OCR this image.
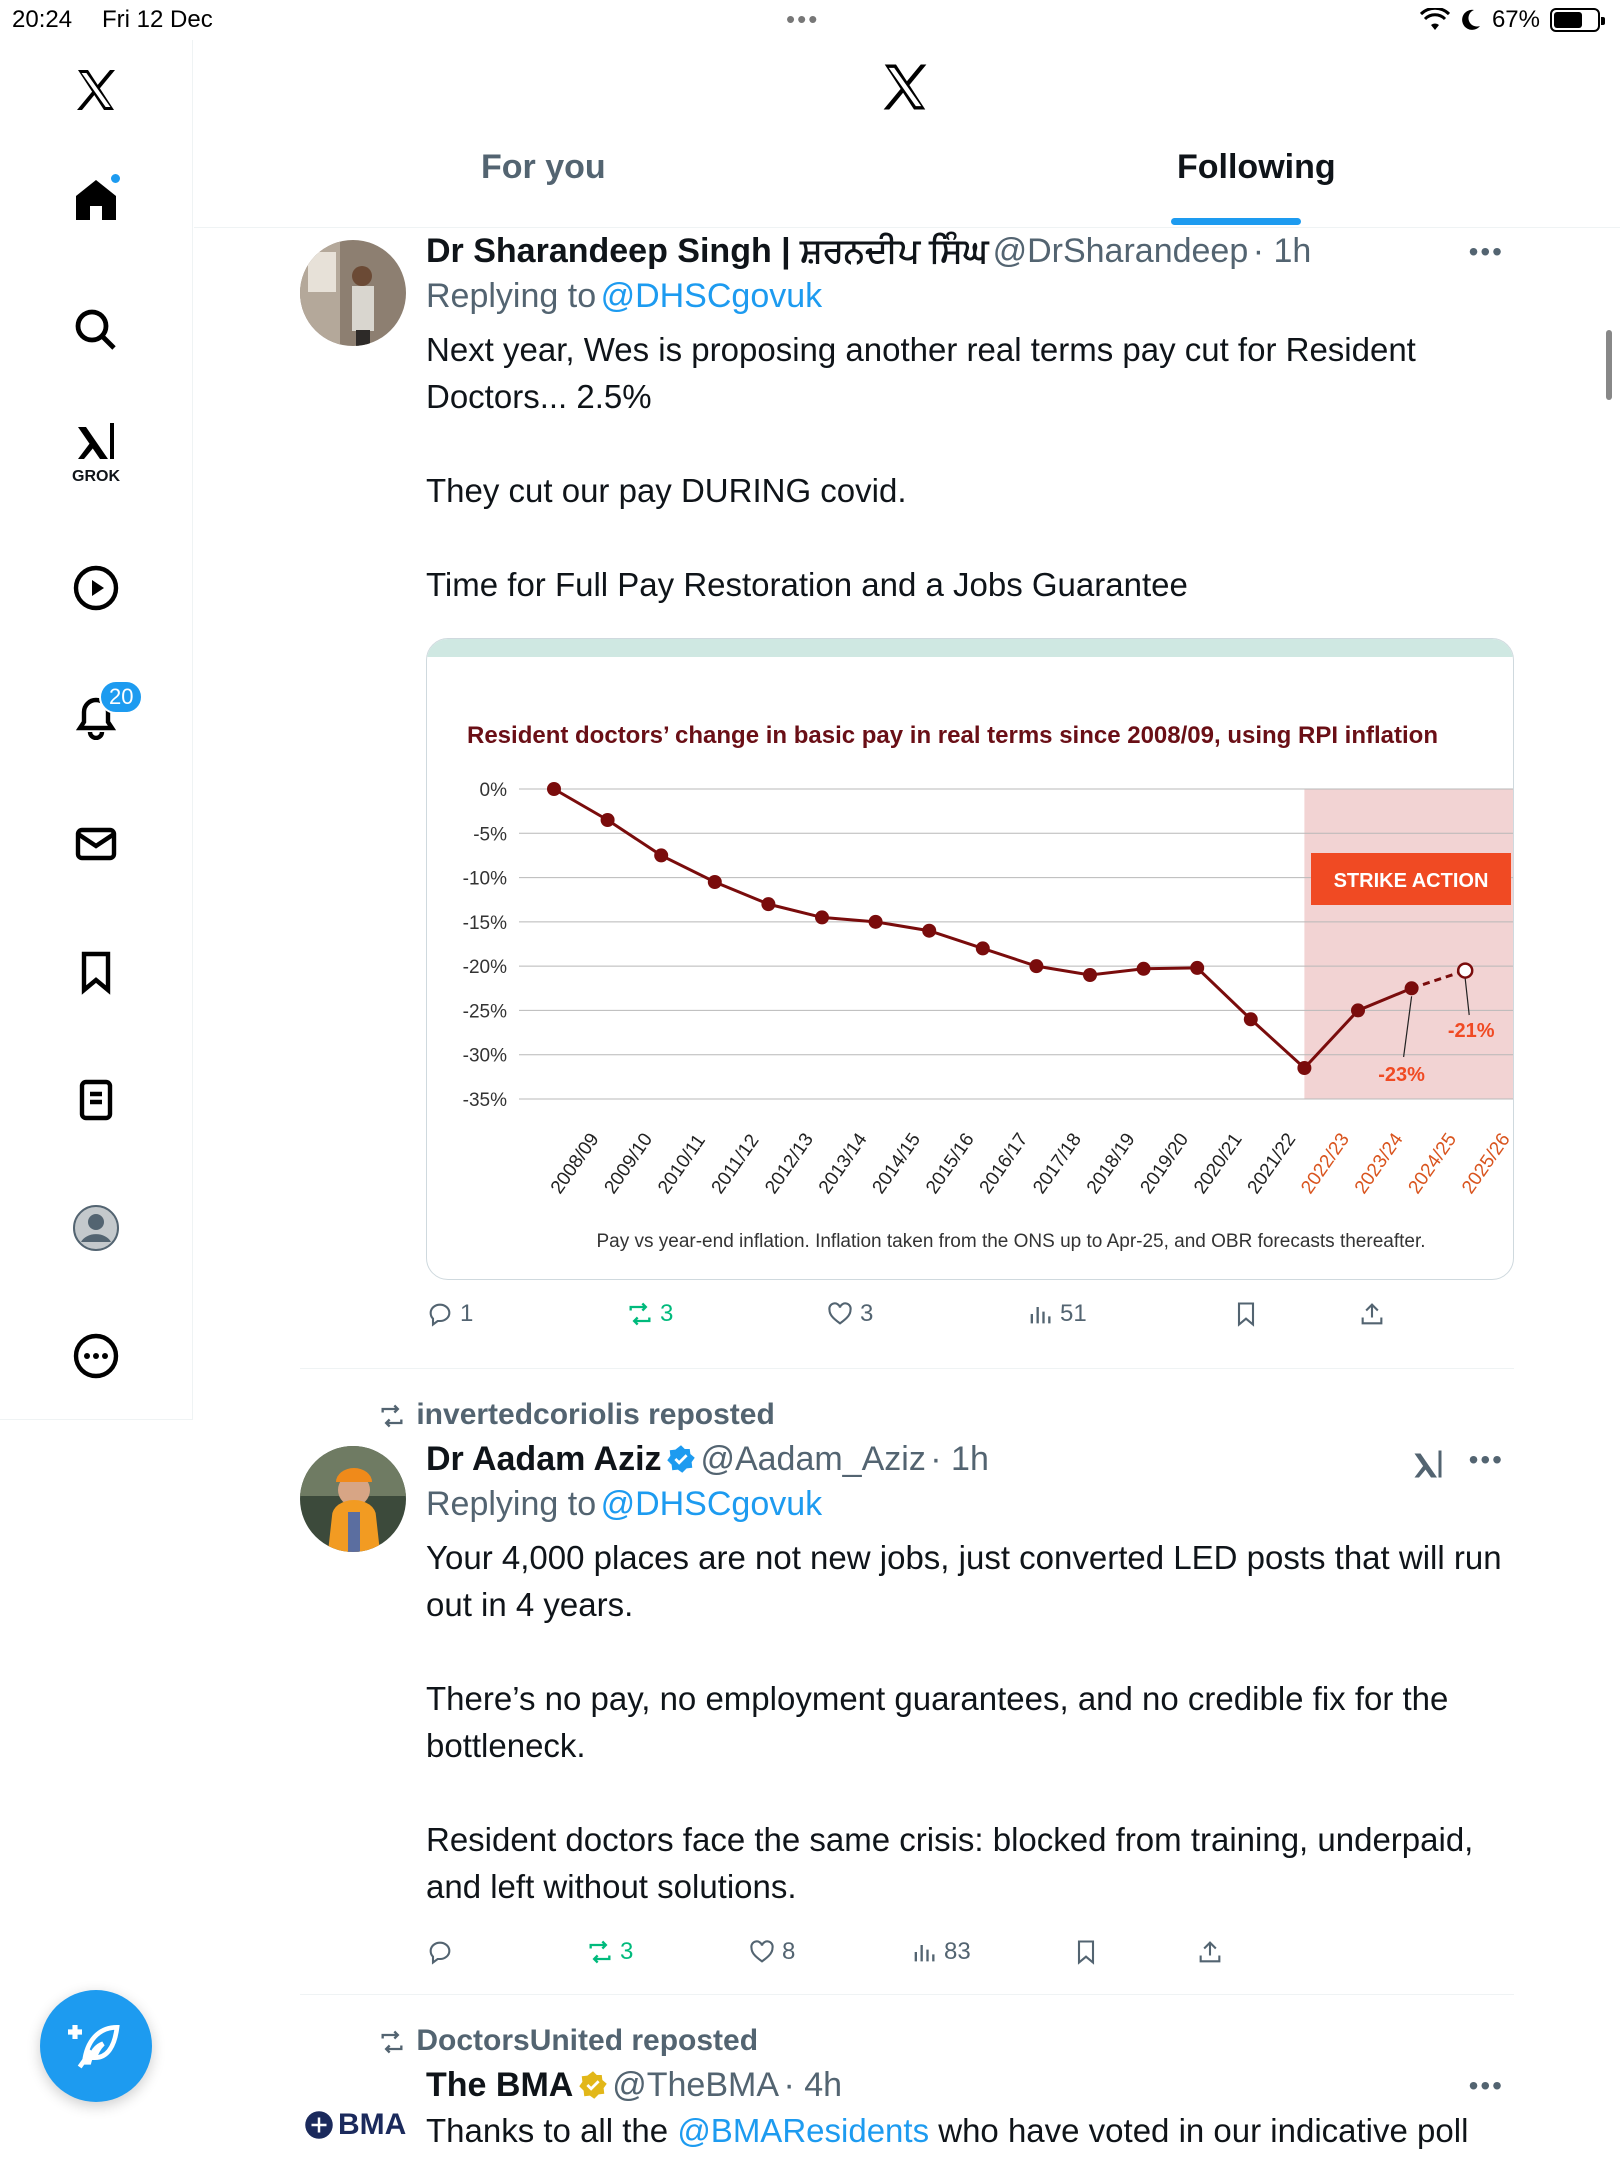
20:24 Fri 12 Dec	•••	67%
GROK
20
For you	Following
Dr Sharandeep Singh | ਸ਼ਰਨਦੀਪ ਸਿੰਘ @DrSharandeep · 1h	•••
Replying to @DHSCgovuk
Next year, Wes is proposing another real terms pay cut for Resident Doctors... 2.5%

They cut our pay DURING covid.

Time for Full Pay Restoration and a Jobs Guarantee
Resident doctors’ change in basic pay in real terms since 2008/09, using RPI inflation
0%
-5%
-10%
-15%
-20%
-25%
-30%
-35%
STRIKE ACTION
-23%
-21%
2008/09
2009/10
2010/11
2011/12
2012/13
2013/14
2014/15
2015/16
2016/17
2017/18
2018/19
2019/20
2020/21
2021/22
2022/23
2023/24
2024/25
2025/26
Pay vs year-end inflation. Inflation taken from the ONS up to Apr-25, and OBR forecasts thereafter.
1	3	3	51
invertedcoriolis reposted
Dr Aadam Aziz @Aadam_Aziz · 1h	•••
Replying to @DHSCgovuk
Your 4,000 places are not new jobs, just converted LED posts that will run out in 4 years.

There’s no pay, no employment guarantees, and no credible fix for the bottleneck.

Resident doctors face the same crisis: blocked from training, underpaid, and left without solutions.
3	8	83
DoctorsUnited reposted
BMA
The BMA @TheBMA · 4h	•••
Thanks to all the @BMAResidents who have voted in our indicative poll
